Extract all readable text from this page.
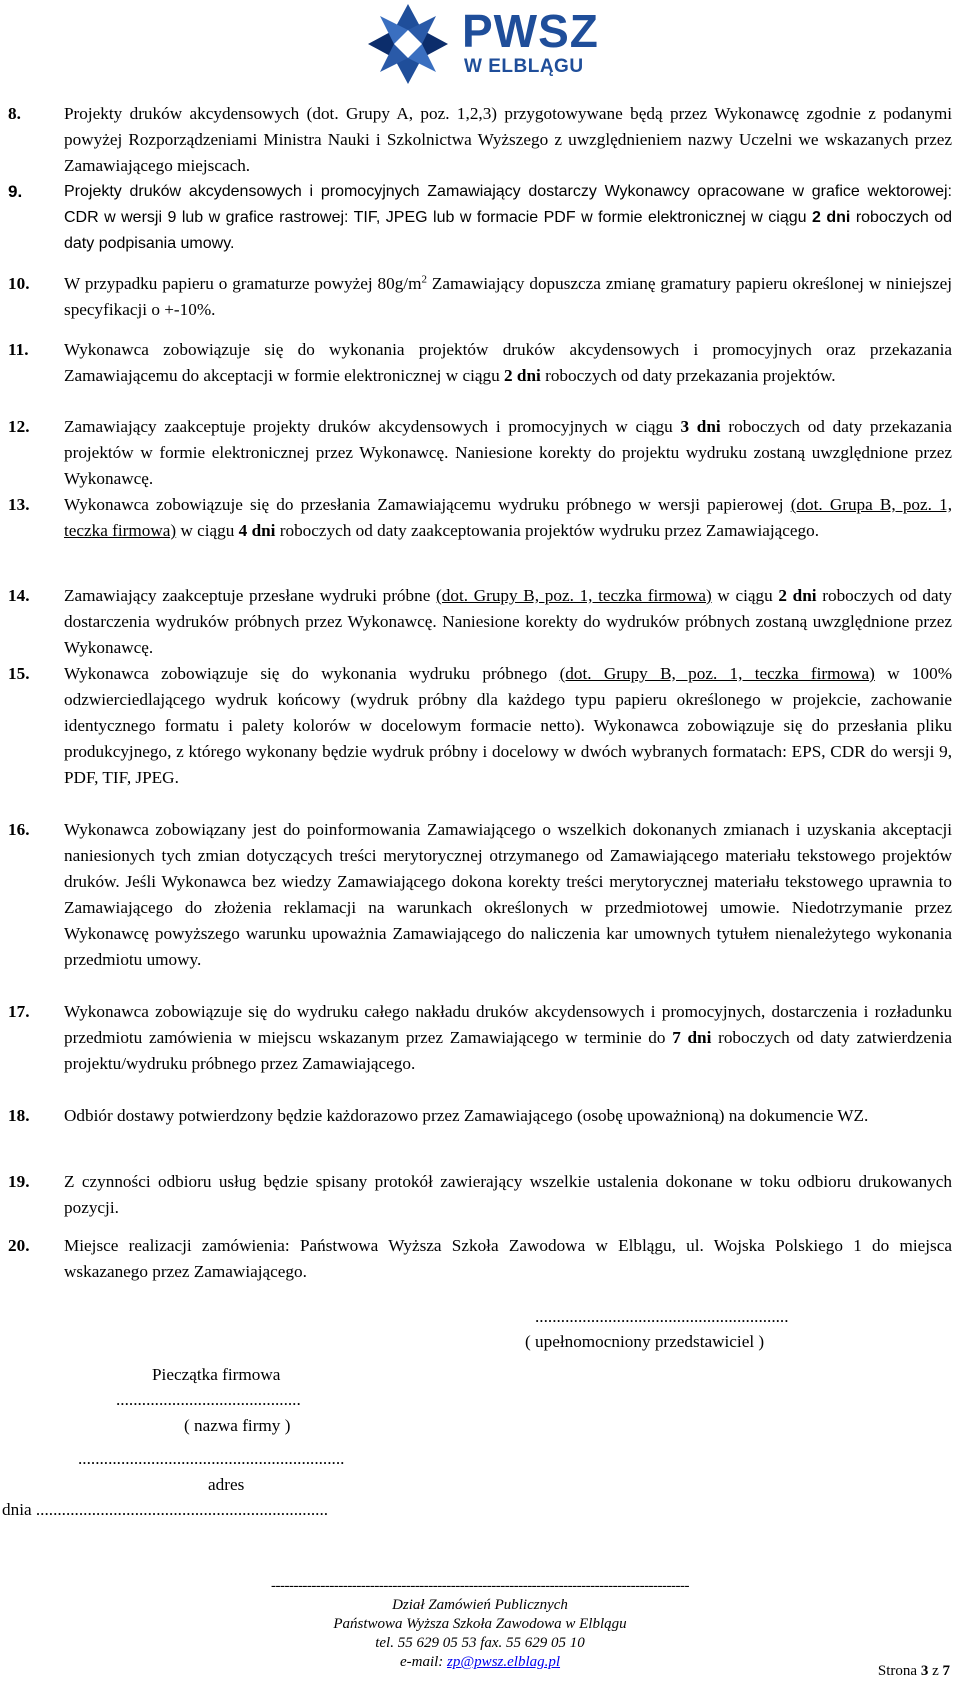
PWSZ
W ELBLĄGU
8.	Projekty druków akcydensowych (dot. Grupy A, poz. 1,2,3) przygotowywane będą przez Wykonawcę zgodnie z podanymi powyżej Rozporządzeniami Ministra Nauki i Szkolnictwa Wyższego z uwzględnieniem nazwy Uczelni we wskazanych przez Zamawiającego miejscach.
9.	Projekty druków akcydensowych i promocyjnych Zamawiający dostarczy Wykonawcy opracowane w grafice wektorowej: CDR w wersji 9 lub w grafice rastrowej: TIF, JPEG lub w formacie PDF w formie elektronicznej w ciągu 2 dni roboczych od daty podpisania umowy.
10. W przypadku papieru o gramaturze powyżej $80g/m^2$ Zamawiający dopuszcza zmianę gramatury papieru określonej w niniejszej specyfikacji o +-10%.
11. Wykonawca zobowiązuje się do wykonania projektów druków akcydensowych i promocyjnych oraz przekazania Zamawiającemu do akceptacji w formie elektronicznej w ciągu 2 dni roboczych od daty przekazania projektów.
12. Zamawiający zaakceptuje projekty druków akcydensowych i promocyjnych w ciągu 3 dni roboczych od daty przekazania projektów w formie elektronicznej przez Wykonawcę. Naniesione korekty do projektu wydruku zostaną uwzględnione przez Wykonawcę.
13. Wykonawca zobowiązuje się do przesłania Zamawiającemu wydruku próbnego w wersji papierowej (dot. Grupa B, poz. 1, teczka firmowa) w ciągu 4 dni roboczych od daty zaakceptowania projektów wydruku przez Zamawiającego.
14. Zamawiający zaakceptuje przesłane wydruki próbne (dot. Grupy B, poz. 1, teczka firmowa) w ciągu 2 dni roboczych od daty dostarczenia wydruków próbnych przez Wykonawcę. Naniesione korekty do wydruków próbnych zostaną uwzględnione przez Wykonawcę.
15. Wykonawca zobowiązuje się do wykonania wydruku próbnego (dot. Grupy B, poz. 1, teczka firmowa) w 100% odzwierciedlającego wydruk końcowy (wydruk próbny dla każdego typu papieru określonego w projekcie, zachowanie identycznego formatu i palety kolorów w docelowym formacie netto). Wykonawca zobowiązuje się do przesłania pliku produkcyjnego, z którego wykonany będzie wydruk próbny i docelowy w dwóch wybranych formatach: EPS, CDR do wersji 9, PDF, TIF, JPEG.
16. Wykonawca zobowiązany jest do poinformowania Zamawiającego o wszelkich dokonanych zmianach i uzyskania akceptacji naniesionych tych zmian dotyczących treści merytorycznej otrzymanego od Zamawiającego materiału tekstowego projektów druków. Jeśli Wykonawca bez wiedzy Zamawiającego dokona korekty treści merytorycznej materiału tekstowego uprawnia to Zamawiającego do złożenia reklamacji na warunkach określonych w przedmiotowej umowie. Niedotrzymanie przez Wykonawcę powyższego warunku upoważnia Zamawiającego do naliczenia kar umownych tytułem nienależytego wykonania przedmiotu umowy.
17. Wykonawca zobowiązuje się do wydruku całego nakładu druków akcydensowych i promocyjnych, dostarczenia i rozładunku przedmiotu zamówienia w miejscu wskazanym przez Zamawiającego w terminie do 7 dni roboczych od daty zatwierdzenia projektu/wydruku próbnego przez Zamawiającego.
18. Odbiór dostawy potwierdzony będzie każdorazowo przez Zamawiającego (osobę upoważnioną) na dokumencie WZ.
19. Z czynności odbioru usług będzie spisany protokół zawierający wszelkie ustalenia dokonane w toku odbioru drukowanych pozycji.
20. Miejsce realizacji zamówienia: Państwowa Wyższa Szkoła Zawodowa w Elblągu, ul. Wojska Polskiego 1 do miejsca wskazanego przez Zamawiającego.
...........................................................
( upełnomocniony przedstawiciel )
Pieczątka firmowa
...........................................
( nazwa firmy )
..............................................................
adres
dnia ....................................................................
---------------------------------------------------------------------------------------------
Dział Zamówień Publicznych
Państwowa Wyższa Szkoła Zawodowa w Elblągu
tel. 55 629 05 53 fax. 55 629 05 10
e-mail: zp@pwsz.elblag.pl
Strona 3 z 7
